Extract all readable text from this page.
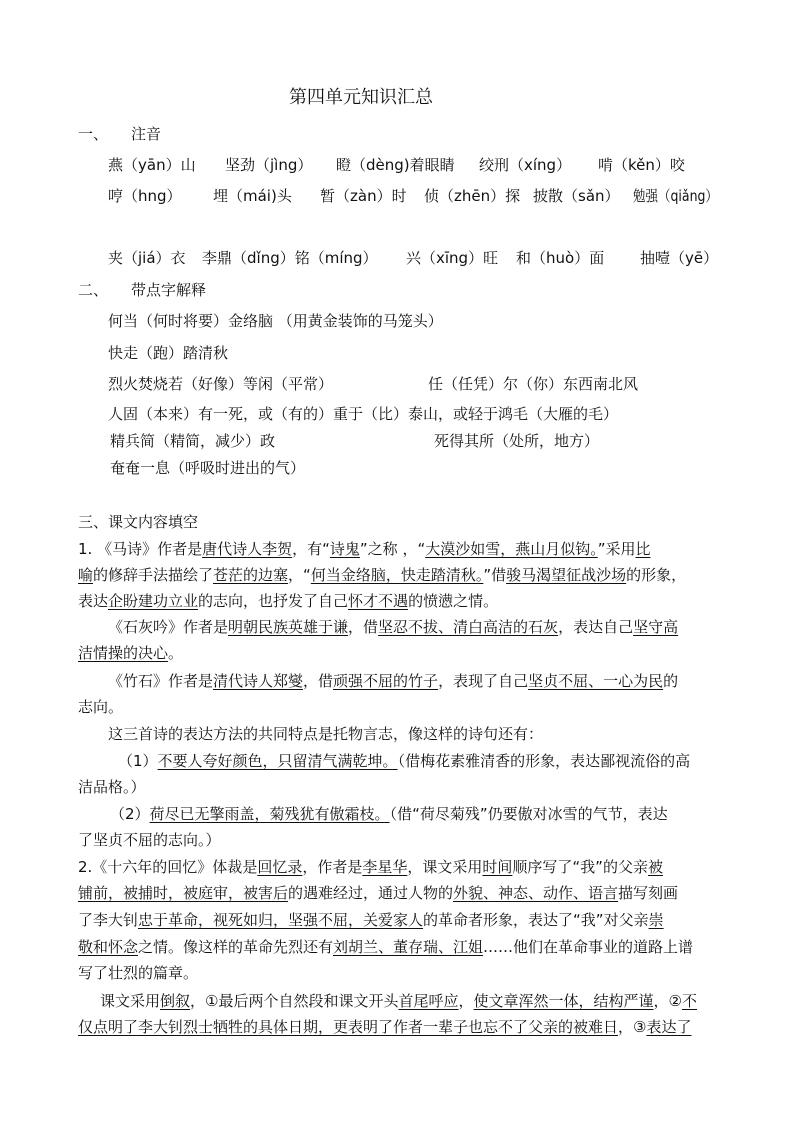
第四单元知识汇总
一、 注音
燕（yān）山 坚劲（jìng） 瞪（dèng)着眼睛 绞刑（xíng） 啃（kěn）咬
哼（hng） 埋（mái)头 暂（zàn）时 侦（zhēn）探 披散（sǎn） 勉强（qiǎng）
夹（jiá）衣 李鼎（dǐng）铭（míng） 兴（xīng）旺 和（huò）面 抽噎（yē）
二、 带点字解释
何当（何时将要）金络脑 （用黄金装饰的马笼头）
快走（跑）踏清秋
烈火焚烧若（好像）等闲（平常）	任（任凭）尔（你）东西南北风
人固（本来）有一死，或（有的）重于（比）泰山，或轻于鸿毛（大雁的毛）
精兵简（精简，减少）政	死得其所（处所，地方）
奄奄一息（呼吸时进出的气）
三、课文内容填空
1. 《马诗》作者是唐代诗人李贺，有“诗鬼”之称 ，“大漠沙如雪，燕山月似钩。”采用比
喻的修辞手法描绘了苍茫的边塞，“何当金络脑，快走踏清秋。”借骏马渴望征战沙场的形象，
表达企盼建功立业的志向，也抒发了自己怀才不遇的愤懑之情。
《石灰吟》作者是明朝民族英雄于谦，借坚忍不拔、清白高洁的石灰，表达自己坚守高
洁情操的决心。
《竹石》作者是清代诗人郑燮，借顽强不屈的竹子，表现了自己坚贞不屈、一心为民的
志向。
这三首诗的表达方法的共同特点是托物言志，像这样的诗句还有：
（1）不要人夸好颜色，只留清气满乾坤。（借梅花素雅清香的形象，表达鄙视流俗的高
洁品格。）
（2）荷尽已无擎雨盖，菊残犹有傲霜枝。（借“荷尽菊残”仍要傲对冰雪的气节，表达
了坚贞不屈的志向。）
2.《十六年的回忆》体裁是回忆录，作者是李星华，课文采用时间顺序写了“我”的父亲被
铺前，被捕时，被庭审，被害后的遇难经过，通过人物的外貌、神态、动作、语言描写刻画
了李大钊忠于革命，视死如归，坚强不屈，关爱家人的革命者形象，表达了“我”对父亲崇
敬和怀念之情。像这样的革命先烈还有刘胡兰、董存瑞、江姐……他们在革命事业的道路上谱
写了壮烈的篇章。
课文采用倒叙，①最后两个自然段和课文开头首尾呼应，使文章浑然一体，结构严谨，②不
仅点明了李大钊烈士牺牲的具体日期，更表明了作者一辈子也忘不了父亲的被难日，③表达了
